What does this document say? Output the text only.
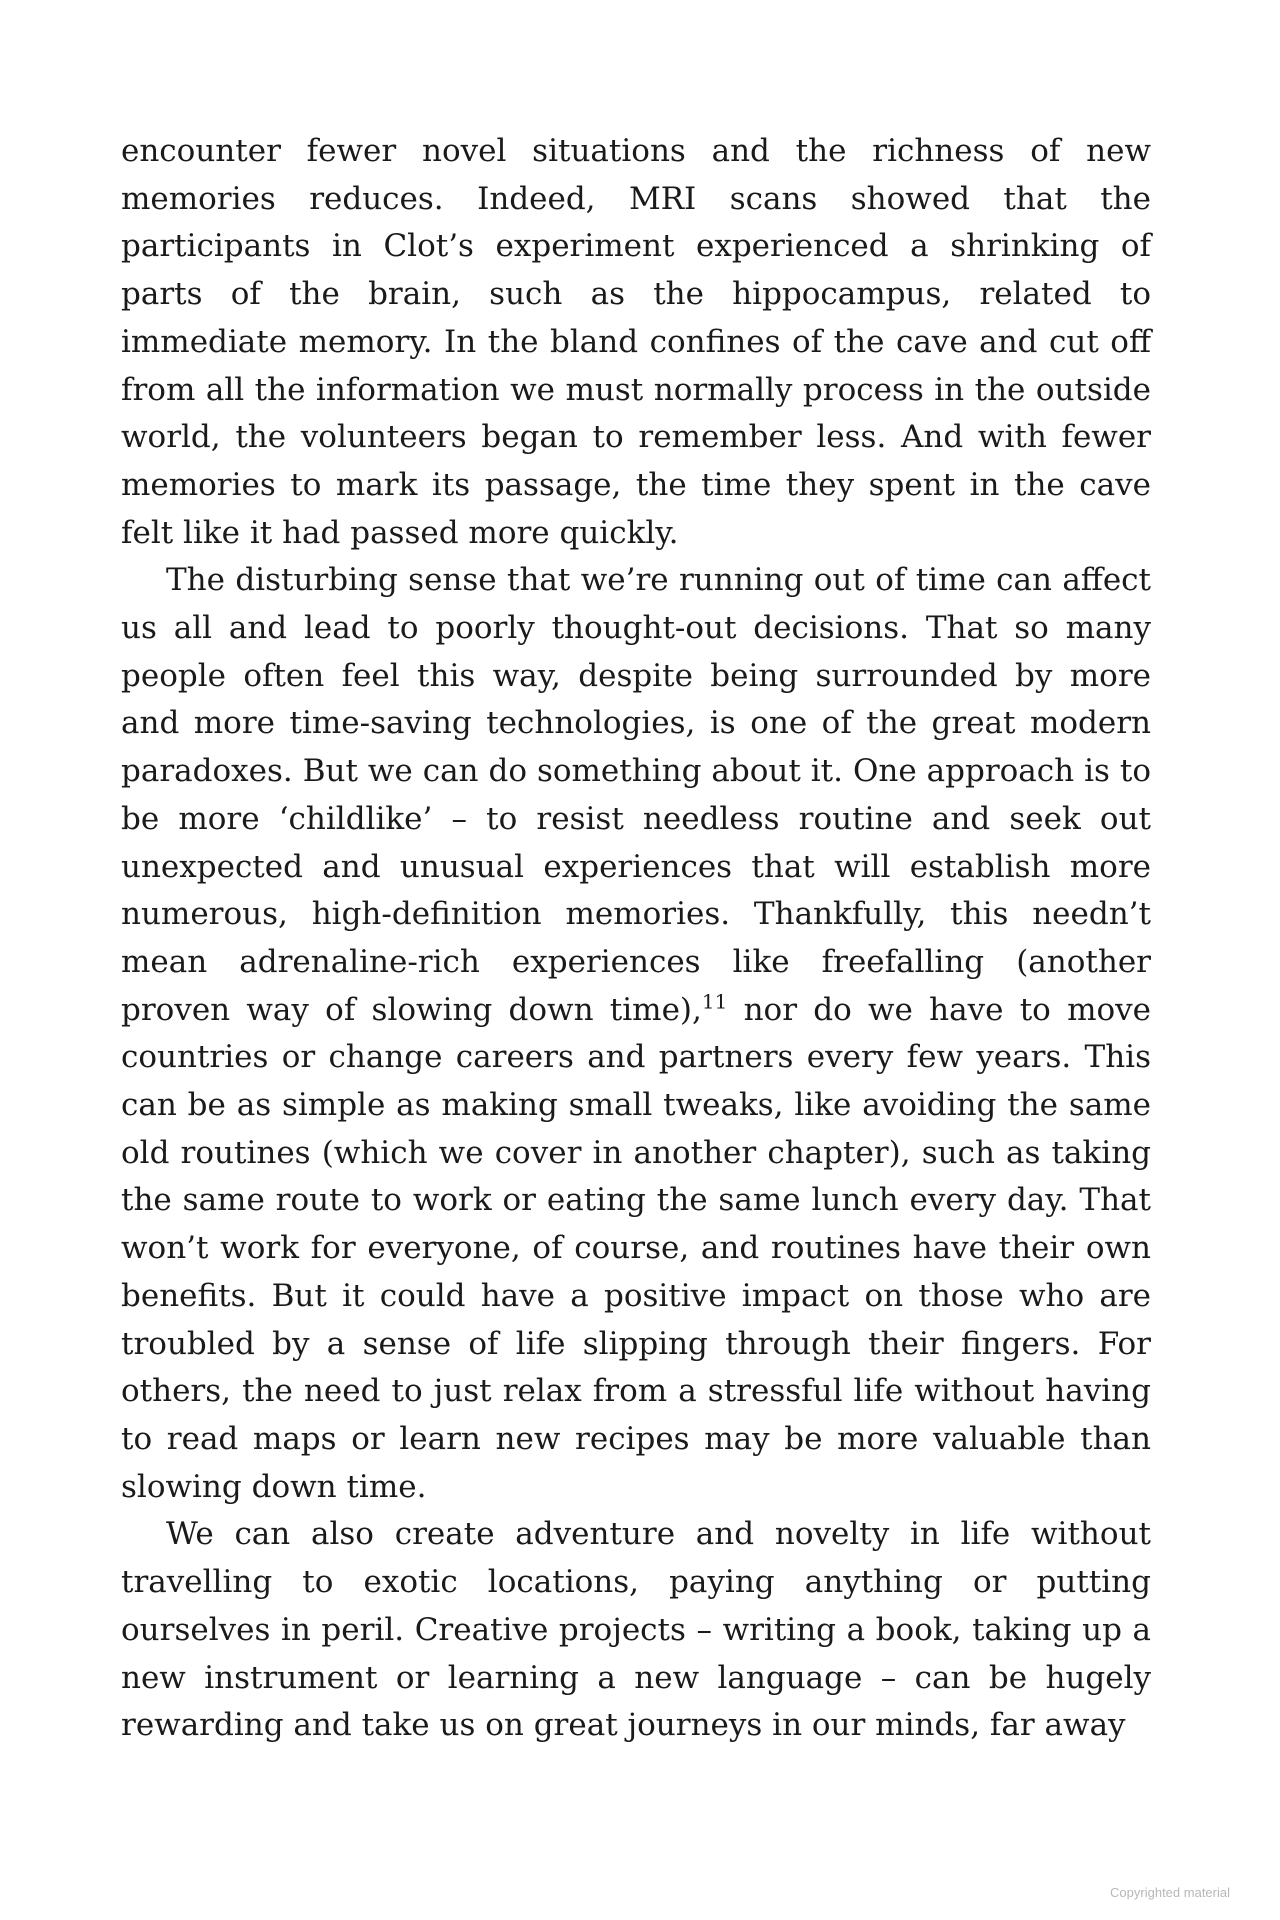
encounter fewer novel situations and the richness of new memories reduces. Indeed, MRI scans showed that the participants in Clot’s experiment experienced a shrinking of parts of the brain, such as the hippocampus, related to immediate memory. In the bland confines of the cave and cut off from all the information we must normally process in the outside world, the volunteers began to remember less. And with fewer memories to mark its passage, the time they spent in the cave felt like it had passed more quickly.

The disturbing sense that we’re running out of time can affect us all and lead to poorly thought-out decisions. That so many people often feel this way, despite being surrounded by more and more time-saving technologies, is one of the great modern paradoxes. But we can do something about it. One approach is to be more ‘childlike’ – to resist needless routine and seek out unexpected and unusual experiences that will establish more numerous, high-definition memories. Thankfully, this needn’t mean adrenaline-rich experiences like freefalling (another proven way of slowing down time),$^{11}$ nor do we have to move countries or change careers and partners every few years. This can be as simple as making small tweaks, like avoiding the same old routines (which we cover in another chapter), such as taking the same route to work or eating the same lunch every day. That won’t work for everyone, of course, and routines have their own benefits. But it could have a positive impact on those who are troubled by a sense of life slipping through their fingers. For others, the need to just relax from a stressful life without having to read maps or learn new recipes may be more valuable than slowing down time.

We can also create adventure and novelty in life without travelling to exotic locations, paying anything or putting ourselves in peril. Creative projects – writing a book, taking up a new instrument or learning a new language – can be hugely rewarding and take us on great journeys in our minds, far away

Copyrighted material
